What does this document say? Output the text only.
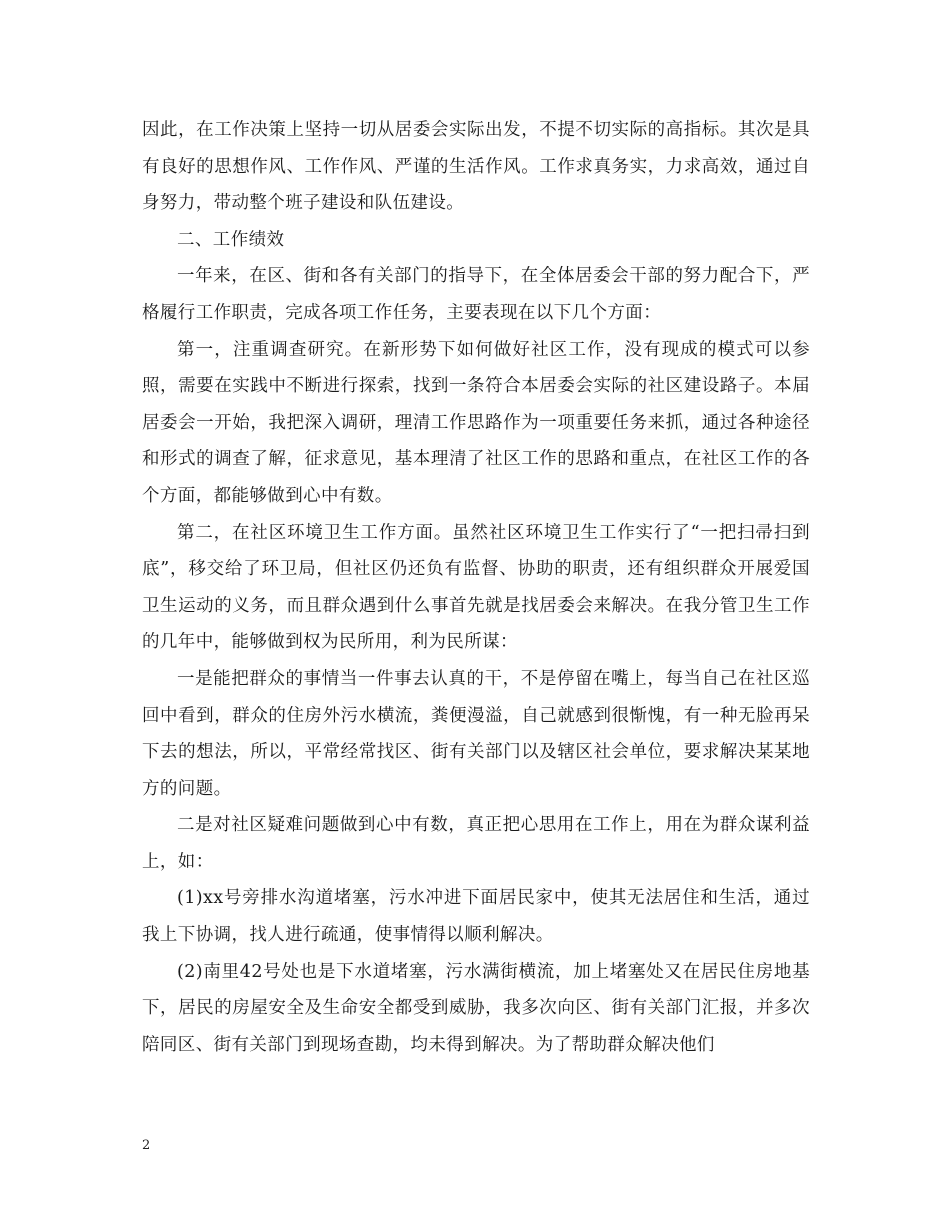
因此，在工作决策上坚持一切从居委会实际出发，不提不切实际的高指标。其次是具有良好的思想作风、工作作风、严谨的生活作风。工作求真务实，力求高效，通过自身努力，带动整个班子建设和队伍建设。

二、工作绩效

一年来，在区、街和各有关部门的指导下，在全体居委会干部的努力配合下，严格履行工作职责，完成各项工作任务，主要表现在以下几个方面：

第一，注重调查研究。在新形势下如何做好社区工作，没有现成的模式可以参照，需要在实践中不断进行探索，找到一条符合本居委会实际的社区建设路子。本届居委会一开始，我把深入调研，理清工作思路作为一项重要任务来抓，通过各种途径和形式的调查了解，征求意见，基本理清了社区工作的思路和重点，在社区工作的各个方面，都能够做到心中有数。

第二，在社区环境卫生工作方面。虽然社区环境卫生工作实行了“一把扫帚扫到底”，移交给了环卫局，但社区仍还负有监督、协助的职责，还有组织群众开展爱国卫生运动的义务，而且群众遇到什么事首先就是找居委会来解决。在我分管卫生工作的几年中，能够做到权为民所用，利为民所谋：

一是能把群众的事情当一件事去认真的干，不是停留在嘴上，每当自己在社区巡回中看到，群众的住房外污水横流，粪便漫溢，自己就感到很惭愧，有一种无脸再呆下去的想法，所以，平常经常找区、街有关部门以及辖区社会单位，要求解决某某地方的问题。

二是对社区疑难问题做到心中有数，真正把心思用在工作上，用在为群众谋利益上，如：

(1)xx号旁排水沟道堵塞，污水冲进下面居民家中，使其无法居住和生活，通过我上下协调，找人进行疏通，使事情得以顺利解决。

(2)南里42号处也是下水道堵塞，污水满街横流，加上堵塞处又在居民住房地基下，居民的房屋安全及生命安全都受到威胁，我多次向区、街有关部门汇报，并多次陪同区、街有关部门到现场查勘，均未得到解决。为了帮助群众解决他们

2
